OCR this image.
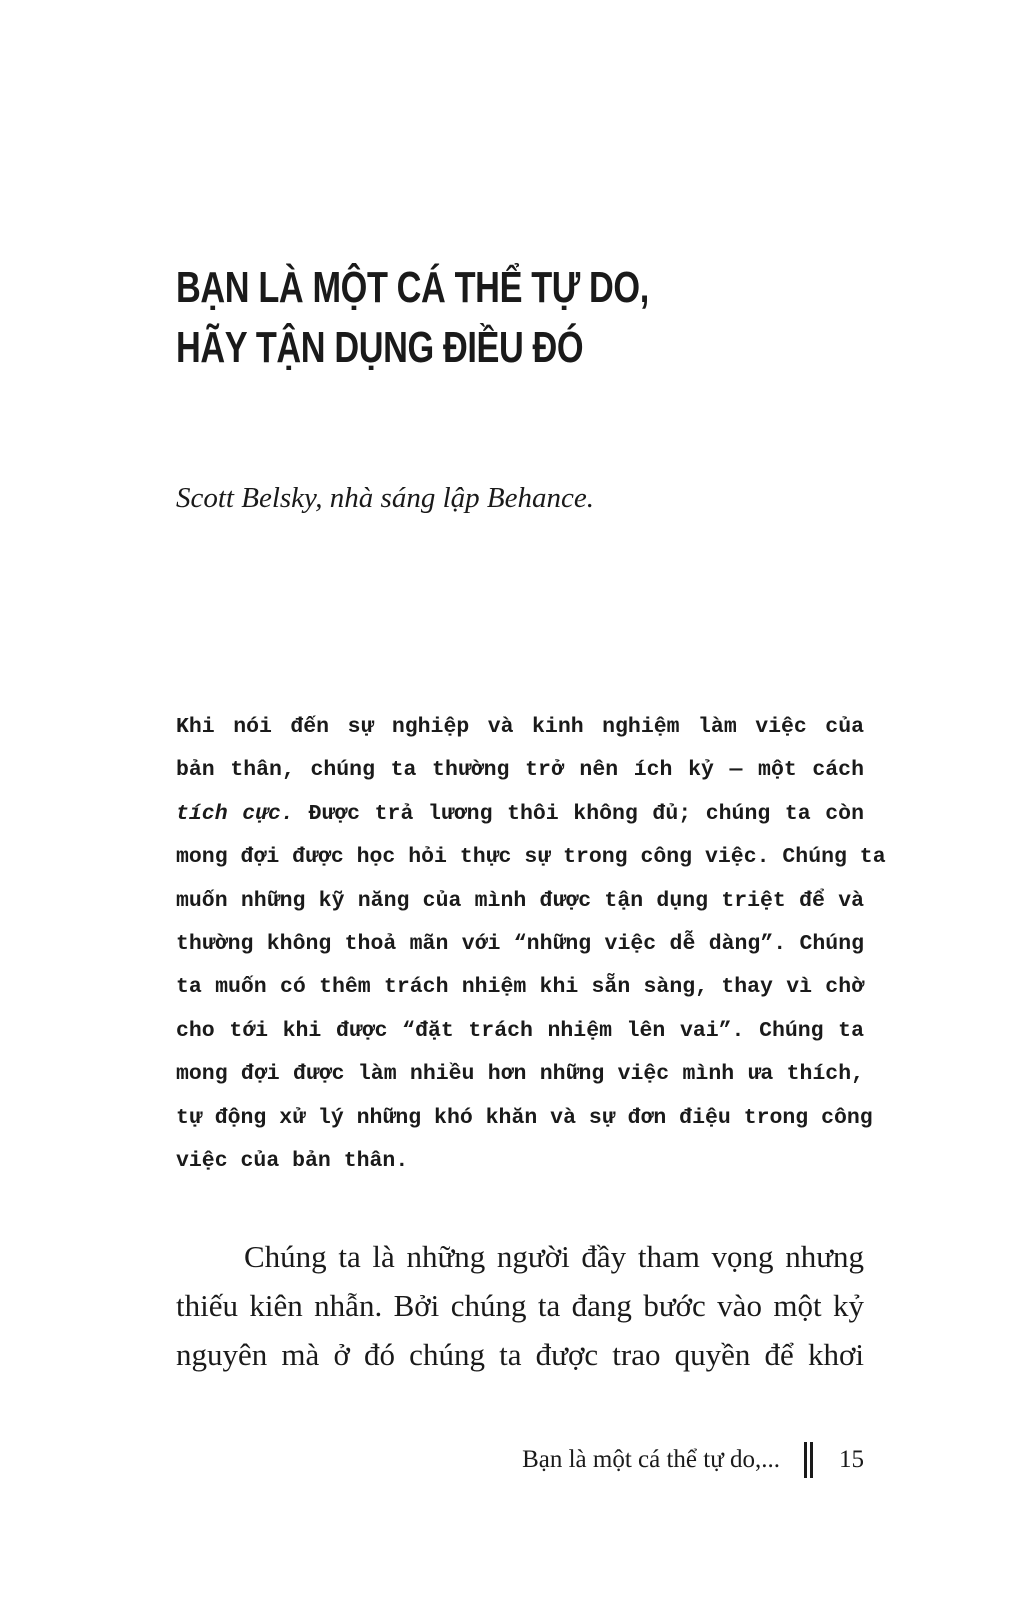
BẠN LÀ MỘT CÁ THỂ TỰ DO,
HÃY TẬN DỤNG ĐIỀU ĐÓ

Scott Belsky, nhà sáng lập Behance.

Khi nói đến sự nghiệp và kinh nghiệm làm việc của
bản thân, chúng ta thường trở nên ích kỷ — một cách
tích cực. Được trả lương thôi không đủ; chúng ta còn
mong đợi được học hỏi thực sự trong công việc. Chúng ta
muốn những kỹ năng của mình được tận dụng triệt để và
thường không thoả mãn với “những việc dễ dàng”. Chúng
ta muốn có thêm trách nhiệm khi sẵn sàng, thay vì chờ
cho tới khi được “đặt trách nhiệm lên vai”. Chúng ta
mong đợi được làm nhiều hơn những việc mình ưa thích,
tự động xử lý những khó khăn và sự đơn điệu trong công
việc của bản thân.
Chúng ta là những người đầy tham vọng nhưng
thiếu kiên nhẫn. Bởi chúng ta đang bước vào một kỷ
nguyên mà ở đó chúng ta được trao quyền để khơi
Bạn là một cá thể tự do,... 15
